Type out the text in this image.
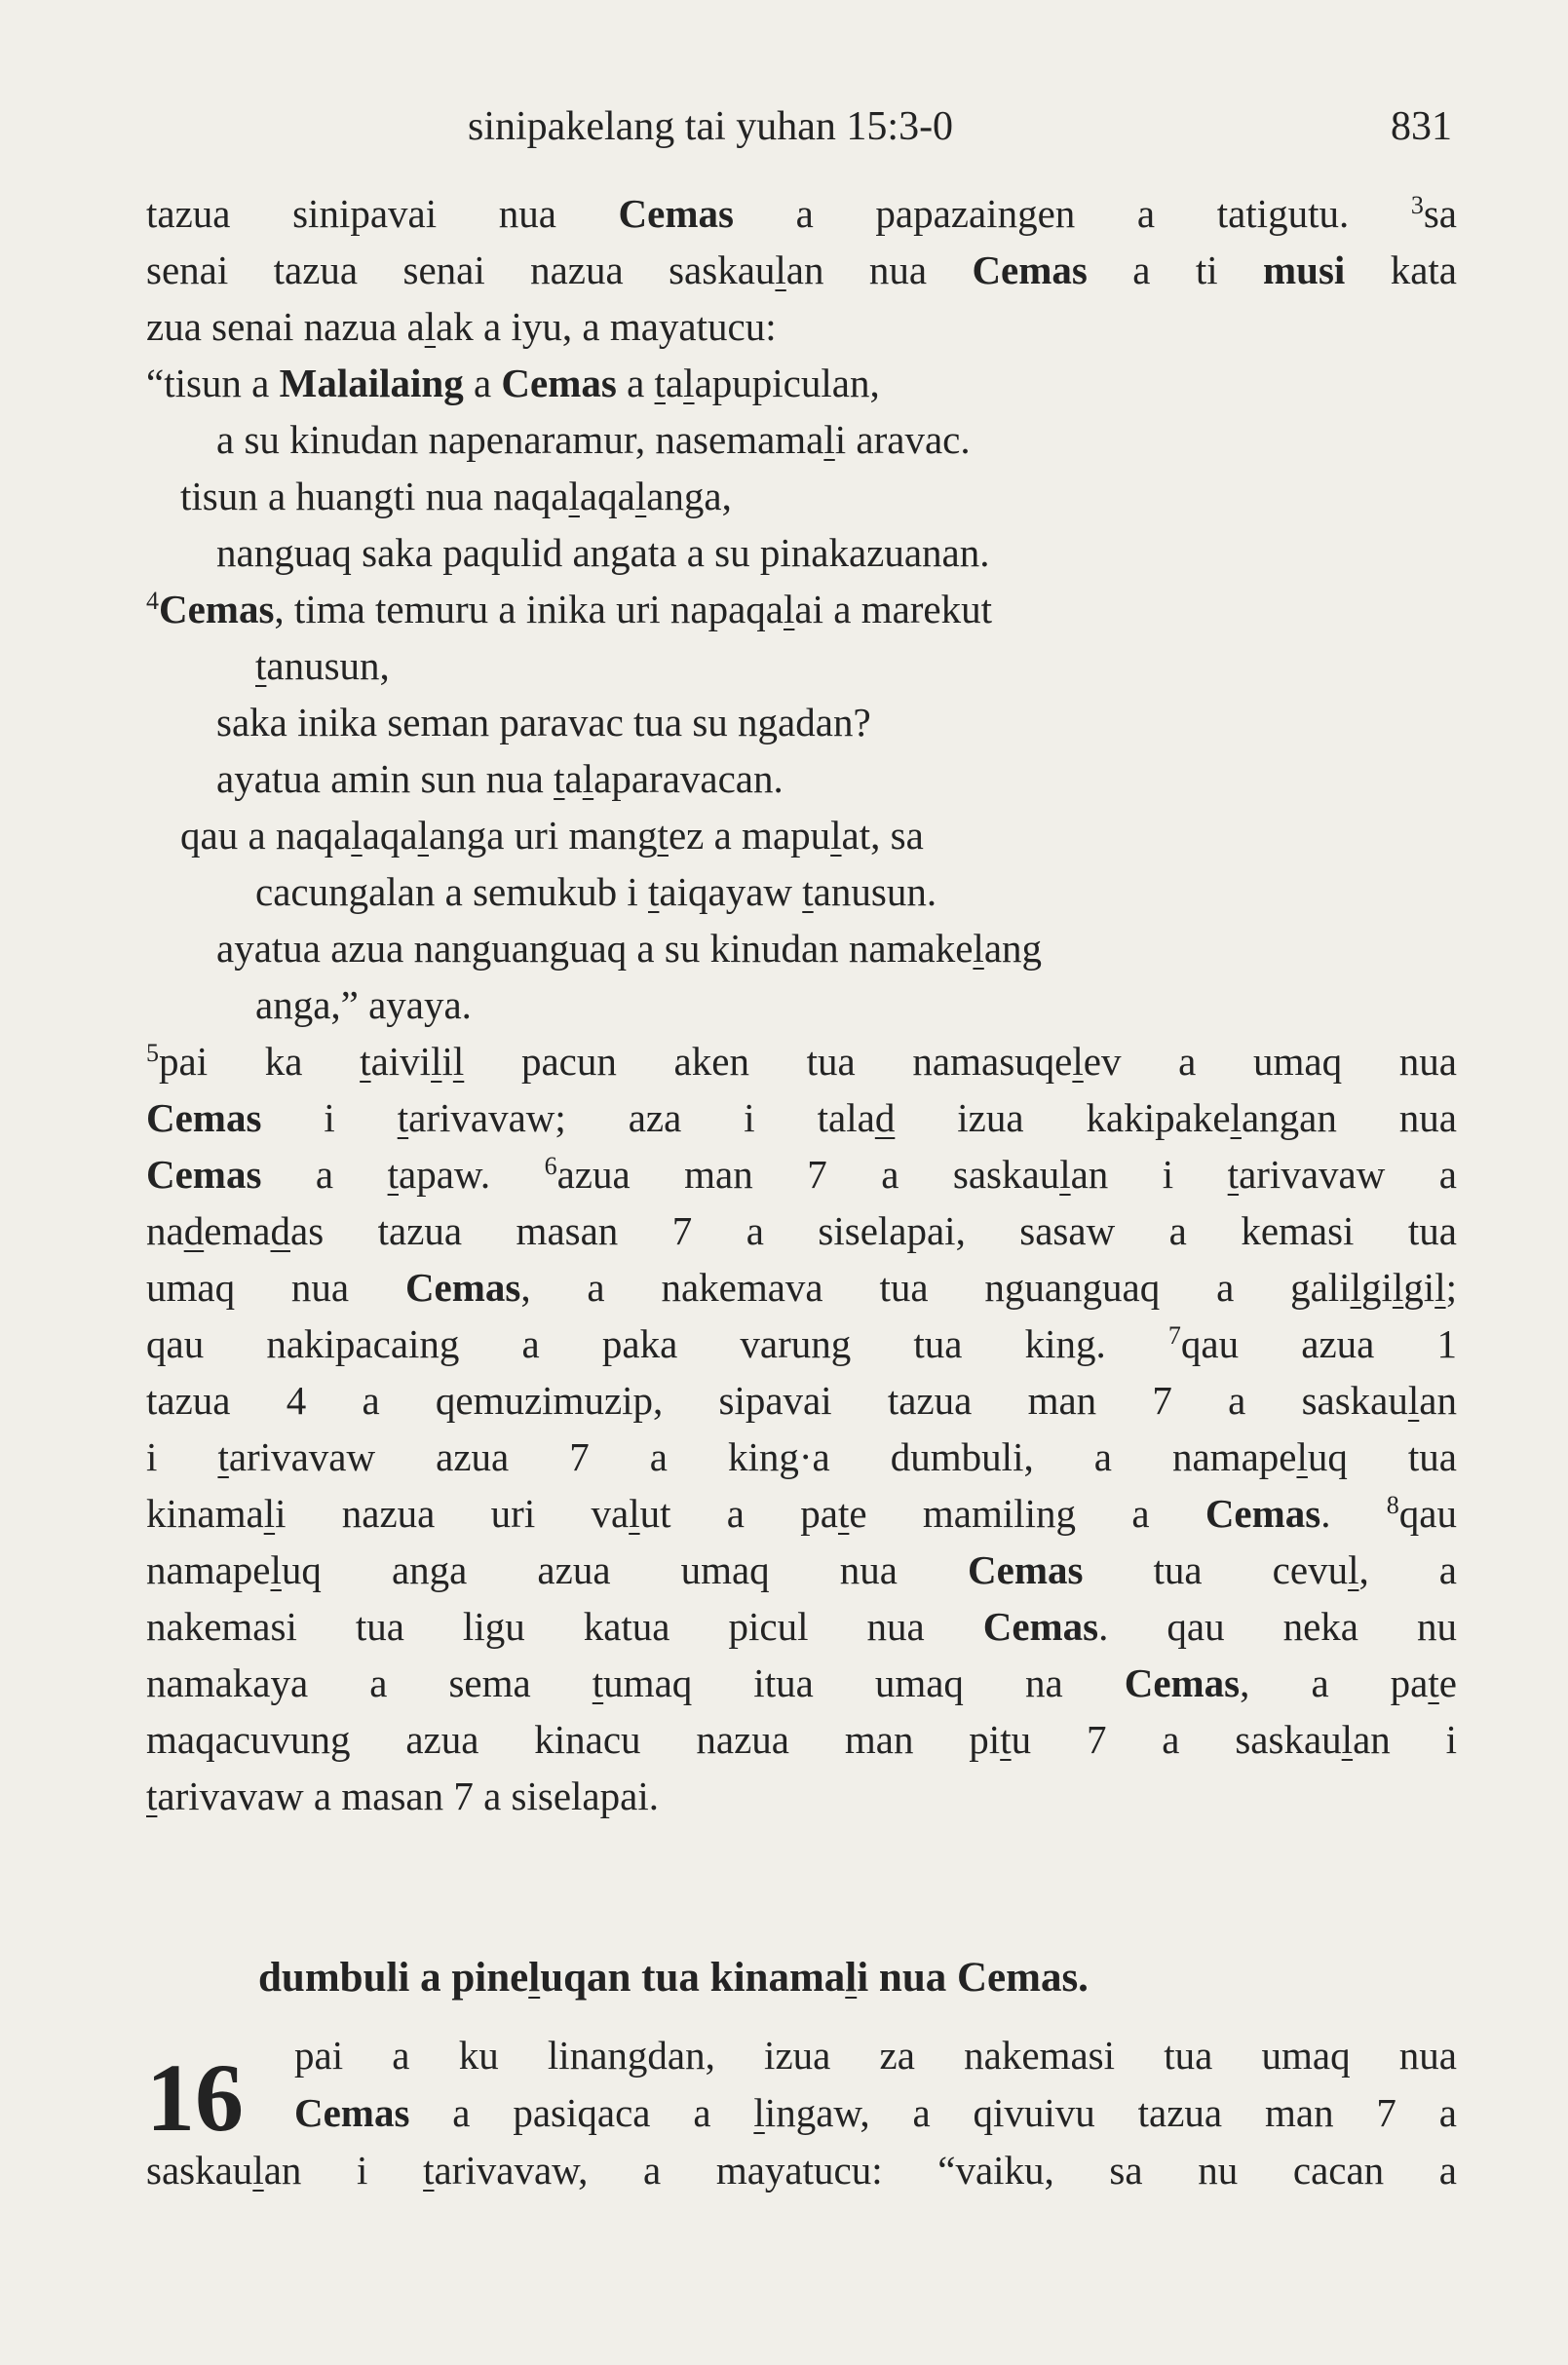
sinipakelang tai yuhan 15:3-0	831
tazua sinipavai nua Cemas a papazaingen a tatigutu. $^3$sa
senai tazua senai nazua saskaulan nua Cemas a ti musi kata
zua senai nazua alak a iyu, a mayatucu:
“tisun a Malailaing a Cemas a talapupiculan,
a su kinudan napenaramur, nasemamali aravac.
tisun a huangti nua naqalaqalanga,
nanguaq saka paqulid angata a su pinakazuanan.
$^4$Cemas, tima temuru a inika uri napaqalai a marekut
tanusun,
saka inika seman paravac tua su ngadan?
ayatua amin sun nua talaparavacan.
qau a naqalaqalanga uri mangtez a mapulat, sa
cacungalan a semukub i taiqayaw tanusun.
ayatua azua nanguanguaq a su kinudan namakelang
anga,” ayaya.
$^5$pai ka taivilil pacun aken tua namasuqelev a umaq nua
Cemas i tarivavaw; aza i talad izua kakipakelangan nua
Cemas a tapaw. $^6$azua man 7 a saskaulan i tarivavaw a
nademadas tazua masan 7 a siselapai, sasaw a kemasi tua
umaq nua Cemas, a nakemava tua nguanguaq a galilgilgil;
qau nakipacaing a paka varung tua king. $^7$qau azua 1
tazua 4 a qemuzimuzip, sipavai tazua man 7 a saskaulan
i tarivavaw azua 7 a king·a dumbuli, a namapeluq tua
kinamali nazua uri valut a pate mamiling a Cemas. $^8$qau
namapeluq anga azua umaq nua Cemas tua cevul, a
nakemasi tua ligu katua picul nua Cemas. qau neka nu
namakaya a sema tumaq itua umaq na Cemas, a pate
maqacuvung azua kinacu nazua man pitu 7 a saskaulan i
tarivavaw a masan 7 a siselapai.
pai a ku linangdan, izua za nakemasi tua umaq nua
Cemas a pasiqaca a lingaw, a qivuivu tazua man 7 a
saskaulan i tarivavaw, a mayatucu: “vaiku, sa nu cacan a
dumbuli a pineluqan tua kinamali nua Cemas.
16
